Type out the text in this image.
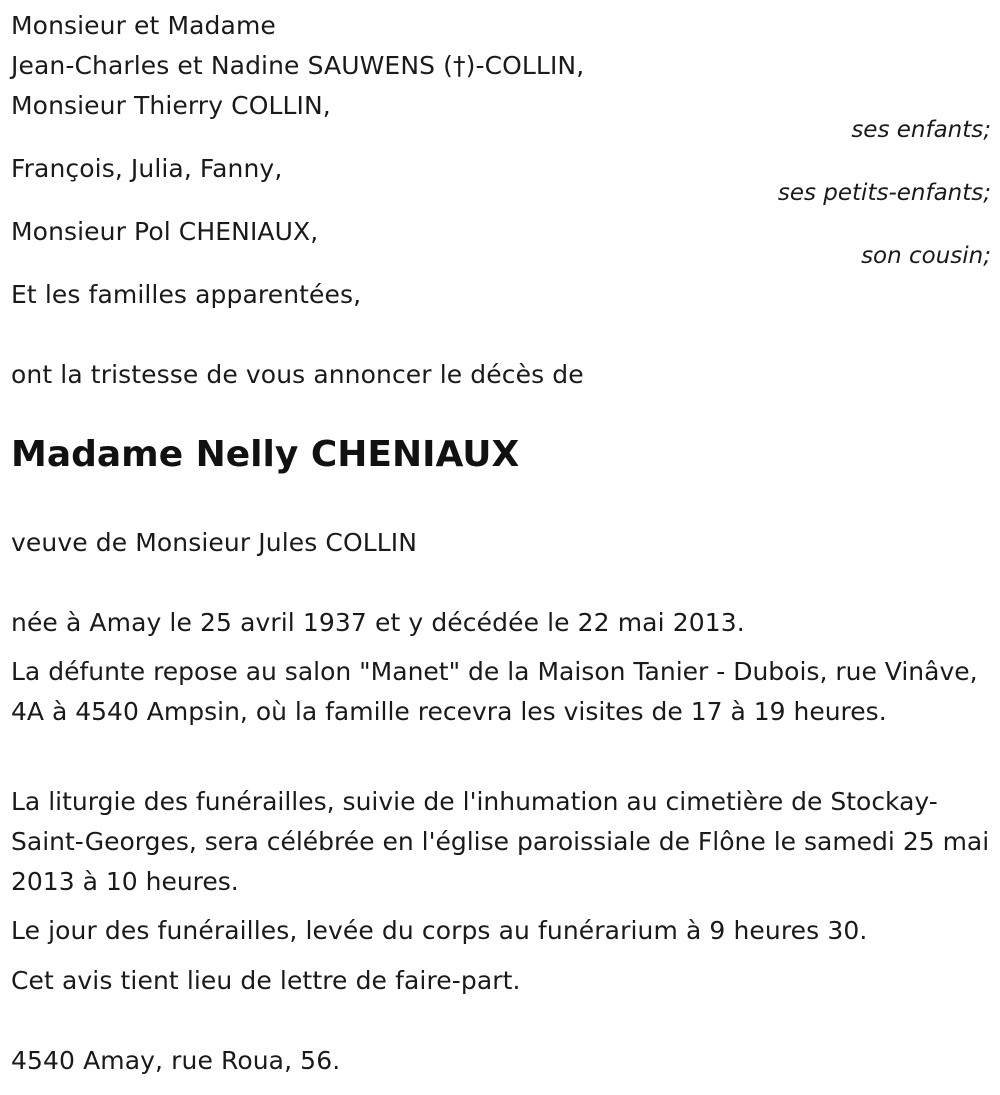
Monsieur et Madame
Jean-Charles et Nadine SAUWENS (†)-COLLIN,
Monsieur Thierry COLLIN,
ses enfants;
François, Julia, Fanny,
ses petits-enfants;
Monsieur Pol CHENIAUX,
son cousin;
Et les familles apparentées,
ont la tristesse de vous annoncer le décès de
Madame Nelly CHENIAUX
veuve de Monsieur Jules COLLIN
née à Amay le 25 avril 1937 et y décédée le 22 mai 2013.
La défunte repose au salon "Manet" de la Maison Tanier - Dubois, rue Vinâve, 4A à 4540 Ampsin, où la famille recevra les visites de 17 à 19 heures.
La liturgie des funérailles, suivie de l'inhumation au cimetière de Stockay-Saint-Georges, sera célébrée en l'église paroissiale de Flône le samedi 25 mai 2013 à 10 heures.
Le jour des funérailles, levée du corps au funérarium à 9 heures 30.
Cet avis tient lieu de lettre de faire-part.
4540 Amay, rue Roua, 56.
